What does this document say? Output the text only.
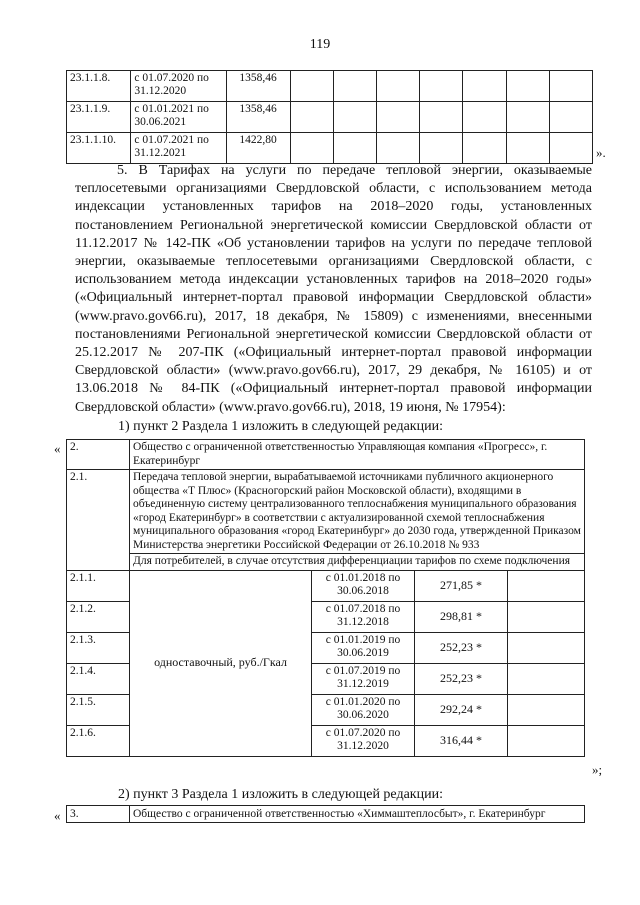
119
23.1.1.8.	с 01.07.2020 по 31.12.2020	1358,46							
23.1.1.9.	с 01.01.2021 по 30.06.2021	1358,46							
23.1.1.10.	с 01.07.2021 по 31.12.2021	1422,80							
».
5. В Тарифах на услуги по передаче тепловой энергии, оказываемые теплосетевыми организациями Свердловской области, с использованием метода индексации установленных тарифов на 2018–2020 годы, установленных постановлением Региональной энергетической комиссии Свердловской области от 11.12.2017 № 142-ПК «Об установлении тарифов на услуги по передаче тепловой энергии, оказываемые теплосетевыми организациями Свердловской области, с использованием метода индексации установленных тарифов на 2018–2020 годы» («Официальный интернет-портал правовой информации Свердловской области» (www.pravo.gov66.ru), 2017, 18 декабря, № 15809) с изменениями, внесенными постановлениями Региональной энергетической комиссии Свердловской области от 25.12.2017 № 207-ПК («Официальный интернет-портал правовой информации Свердловской области» (www.pravo.gov66.ru), 2017, 29 декабря, № 16105) и от 13.06.2018 № 84-ПК («Официальный интернет-портал правовой информации Свердловской области» (www.pravo.gov66.ru), 2018, 19 июня, № 17954):
1) пункт 2 Раздела 1 изложить в следующей редакции:
« 2.	Общество с ограниченной ответственностью Управляющая компания «Прогресс», г. Екатеринбург			
2.1.	Передача тепловой энергии, вырабатываемой источниками публичного акционерного общества «Т Плюс» (Красногорский район Московской области), входящими в объединенную систему централизованного теплоснабжения муниципального образования «город Екатеринбург» в соответствии с актуализированной схемой теплоснабжения муниципального образования «город Екатеринбург» до 2030 года, утвержденной Приказом Министерства энергетики Российской Федерации от 26.10.2018 № 933			
	Для потребителей, в случае отсутствия дифференциации тарифов по схеме подключения			
2.1.1.	одноставочный, руб./Гкал	с 01.01.2018 по 30.06.2018	271,85 *	
2.1.2.		с 01.07.2018 по 31.12.2018	298,81 *	
2.1.3.		с 01.01.2019 по 30.06.2019	252,23 *	
2.1.4.		с 01.07.2019 по 31.12.2019	252,23 *	
2.1.5.		с 01.01.2020 по 30.06.2020	292,24 *	
2.1.6.		с 01.07.2020 по 31.12.2020	316,44 *	
»;
2) пункт 3 Раздела 1 изложить в следующей редакции:
« 3.	Общество с ограниченной ответственностью «Химмаштеплосбыт», г. Екатеринбург
